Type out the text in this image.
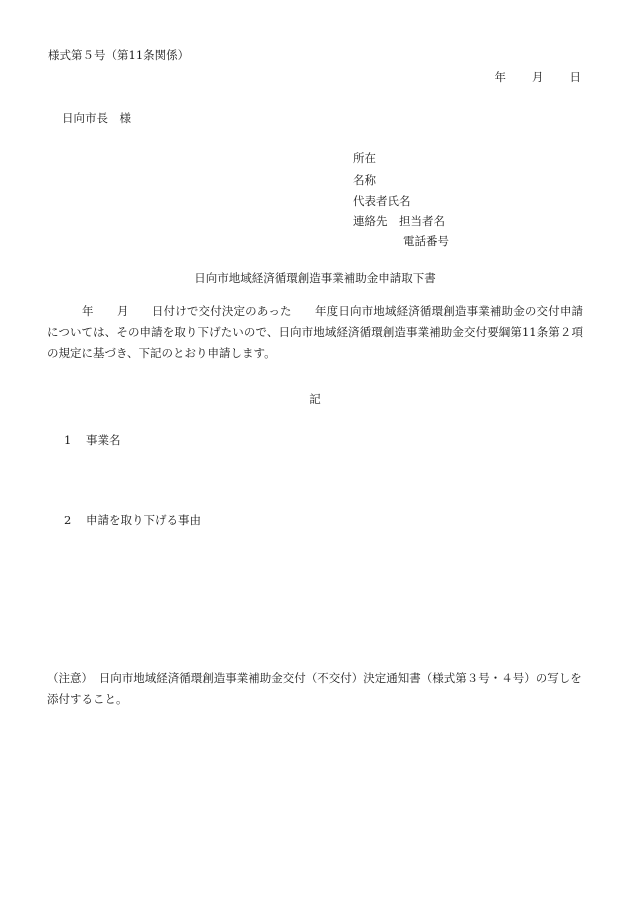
様式第５号（第11条関係）
年 月 日
日向市長　様
所在
名称
代表者氏名
連絡先　担当者名
電話番号
日向市地域経済循環創造事業補助金申請取下書
　　　年　　月　　日付けで交付決定のあった　　年度日向市地域経済循環創造事業補助金の交付申請については、その申請を取り下げたいので、日向市地域経済循環創造事業補助金交付要綱第11条第２項の規定に基づき、下記のとおり申請します。
記
1 事業名
2 申請を取り下げる事由
（注意）　日向市地域経済循環創造事業補助金交付（不交付）決定通知書（様式第３号・４号）の写しを添付すること。
